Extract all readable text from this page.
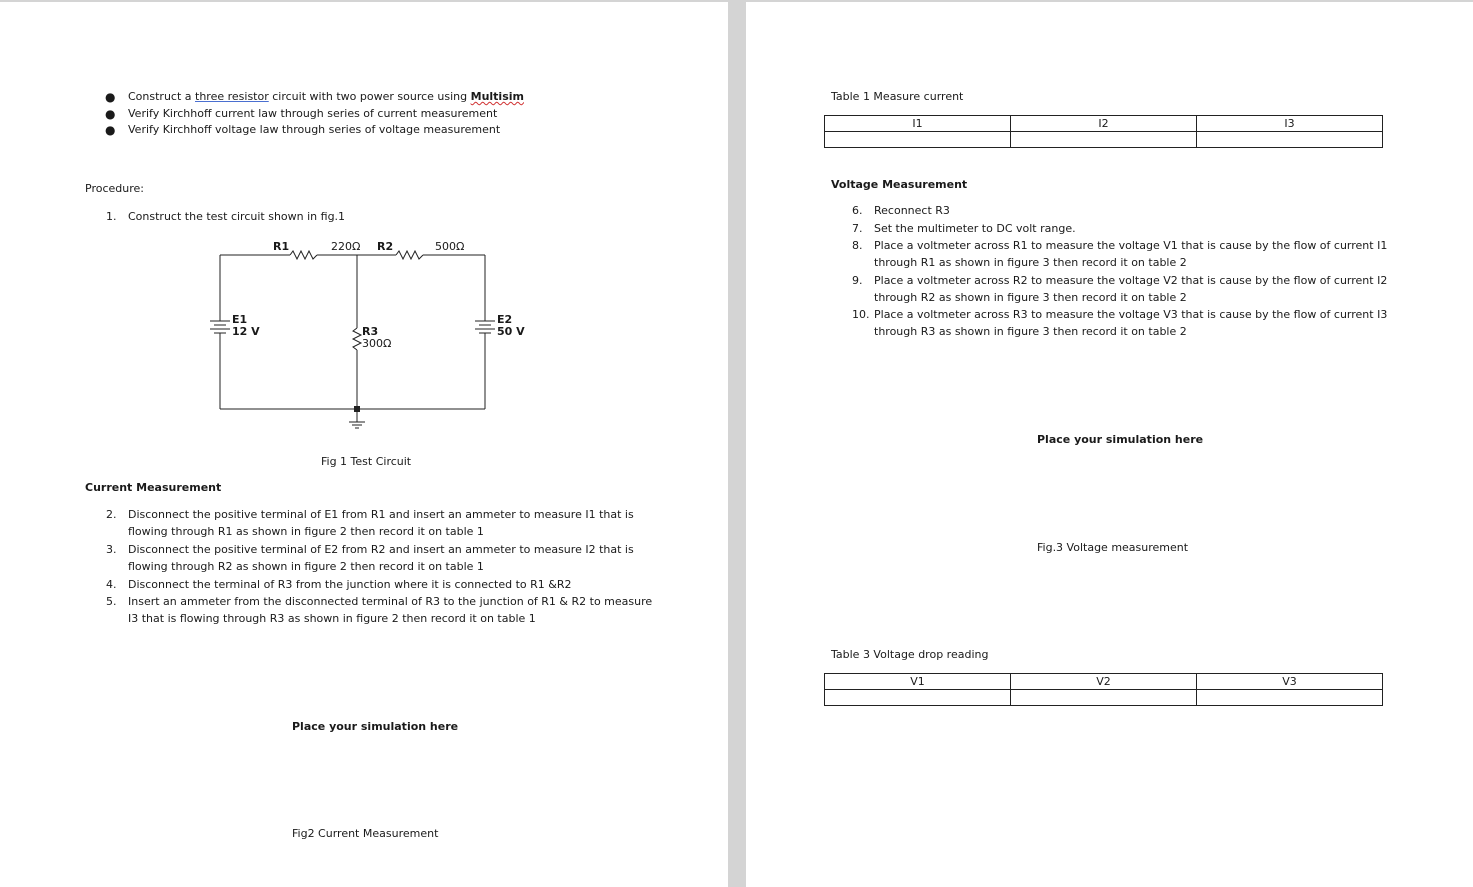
● Construct a three resistor circuit with two power source using Multisim
● Verify Kirchhoff current law through series of current measurement
● Verify Kirchhoff voltage law through series of voltage measurement
Procedure:
1. Construct the test circuit shown in fig.1
R1	220Ω R2	500Ω
E1
12 V	R3
300Ω
E2
50 V
Fig 1 Test Circuit
Current Measurement
2. Disconnect the positive terminal of E1 from R1 and insert an ammeter to measure I1 that is
flowing through R1 as shown in figure 2 then record it on table 1
3. Disconnect the positive terminal of E2 from R2 and insert an ammeter to measure I2 that is
flowing through R2 as shown in figure 2 then record it on table 1
4. Disconnect the terminal of R3 from the junction where it is connected to R1 &R2
5. Insert an ammeter from the disconnected terminal of R3 to the junction of R1 & R2 to measure
I3 that is flowing through R3 as shown in figure 2 then record it on table 1
Place your simulation here
Fig2 Current Measurement
Table 1 Measure current
I1	I2	I3

Voltage Measurement
6. Reconnect R3
7. Set the multimeter to DC volt range.
8. Place a voltmeter across R1 to measure the voltage V1 that is cause by the flow of current I1
through R1 as shown in figure 3 then record it on table 2
9. Place a voltmeter across R2 to measure the voltage V2 that is cause by the flow of current I2
through R2 as shown in figure 3 then record it on table 2
10. Place a voltmeter across R3 to measure the voltage V3 that is cause by the flow of current I3
through R3 as shown in figure 3 then record it on table 2
Place your simulation here
Fig.3 Voltage measurement
Table 3 Voltage drop reading
V1	V2	V3
